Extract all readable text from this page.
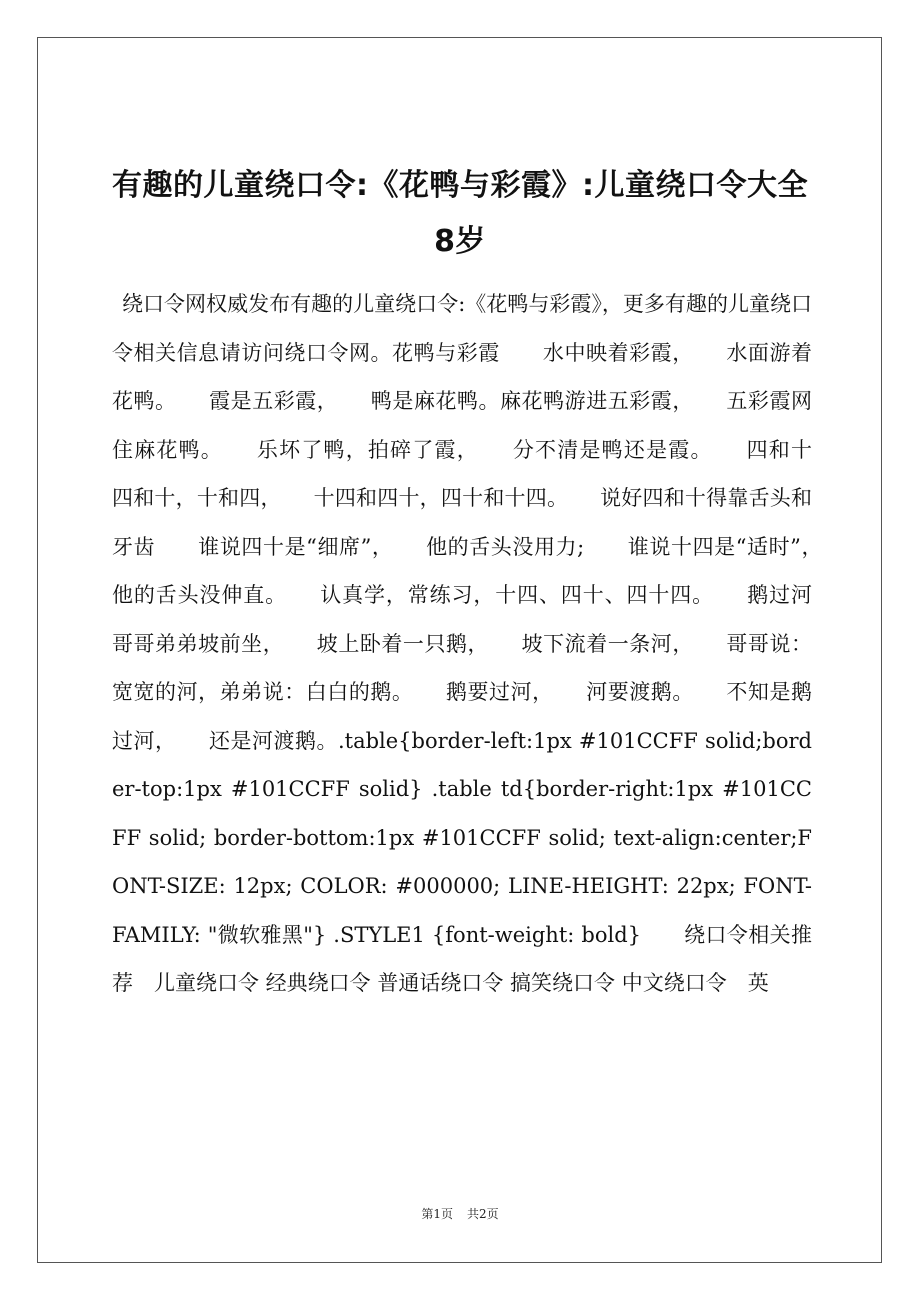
有趣的儿童绕口令:《花鸭与彩霞》:儿童绕口令大全 8岁

绕口令网权威发布有趣的儿童绕口令:《花鸭与彩霞》，更多有趣的儿童绕口令相关信息请访问绕口令网。花鸭与彩霞　　水中映着彩霞，　　水面游着花鸭。　　霞是五彩霞，　　鸭是麻花鸭。麻花鸭游进五彩霞，　　五彩霞网住麻花鸭。　　乐坏了鸭，拍碎了霞，　　分不清是鸭还是霞。　　四和十　　四和十，十和四，　　十四和四十，四十和十四。　　说好四和十得靠舌头和牙齿　　谁说四十是“细席”，　　他的舌头没用力;　　谁说十四是“适时”，　　他的舌头没伸直。　　认真学，常练习，十四、四十、四十四。　　鹅过河　　哥哥弟弟坡前坐，　　坡上卧着一只鹅，　　坡下流着一条河，　　哥哥说：宽宽的河，弟弟说：白白的鹅。　　鹅要过河，　　河要渡鹅。　　不知是鹅过河，　　还是河渡鹅。.table{border-left:1px #101CCFF solid;border-top:1px #101CCFF solid} .table td{border-right:1px #101CCFF solid; border-bottom:1px #101CCFF solid; text-align:center;FONT-SIZE: 12px; COLOR: #000000; LINE-HEIGHT: 22px; FONT-FAMILY: "微软雅黑"} .STYLE1 {font-weight: bold}　　绕口令相关推荐　儿童绕口令 经典绕口令 普通话绕口令 搞笑绕口令 中文绕口令　英

第1页 共2页
